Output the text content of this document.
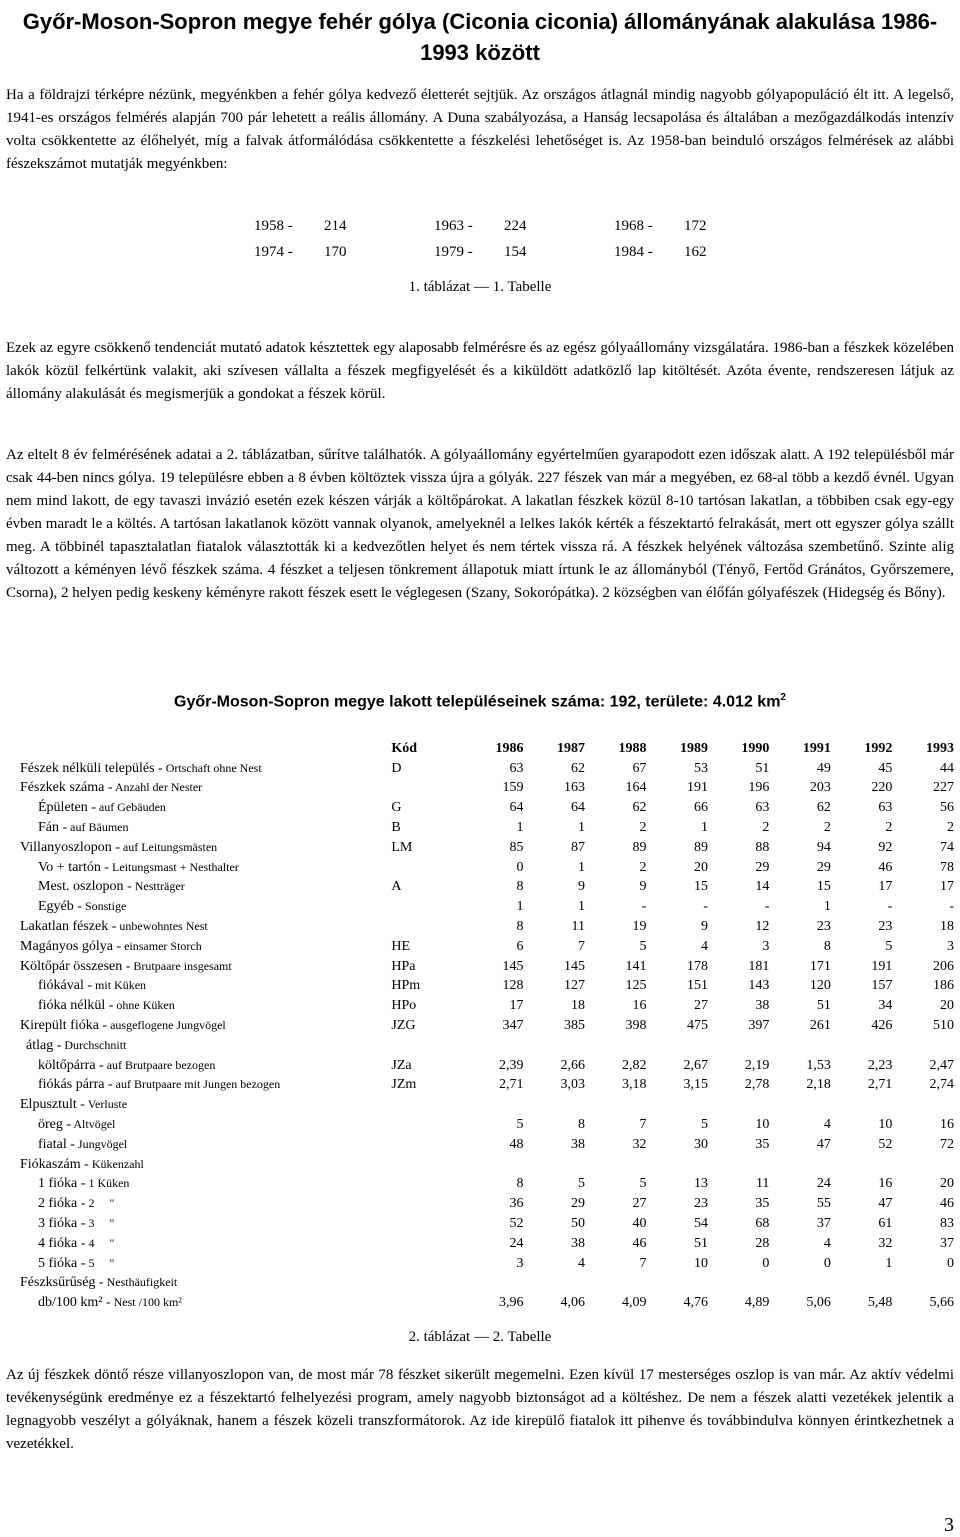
Győr-Moson-Sopron megye fehér gólya (Ciconia ciconia) állományának alakulása 1986-1993 között

Ha a földrajzi térképre nézünk, megyénkben a fehér gólya kedvező életterét sejtjük. Az országos átlagnál mindig nagyobb gólyapopuláció élt itt. A legelső, 1941-es országos felmérés alapján 700 pár lehetett a reális állomány. A Duna szabályozása, a Hanság lecsapolása és általában a mezőgazdálkodás intenzív volta csökkentette az élőhelyét, míg a falvak átformálódása csökkentette a fészkelési lehetőséget is. Az 1958-ban beinduló országos felmérések az alábbi fészekszámot mutatják megyénkben:

1958 - 214	1963 - 224	1968 - 172
1974 - 170	1979 - 154	1984 - 162
1. táblázat — 1. Tabelle

Ezek az egyre csökkenő tendenciát mutató adatok késztettek egy alaposabb felmérésre és az egész gólyaállomány vizsgálatára. 1986-ban a fészkek közelében lakók közül felkértünk valakit, aki szívesen vállalta a fészek megfigyelését és a kiküldött adatközlő lap kitöltését. Azóta évente, rendszeresen látjuk az állomány alakulását és megismerjük a gondokat a fészek körül.

Az eltelt 8 év felmérésének adatai a 2. táblázatban, sűrítve találhatók. A gólyaállomány egyértelműen gyarapodott ezen időszak alatt. A 192 településből már csak 44-ben nincs gólya. 19 településre ebben a 8 évben költöztek vissza újra a gólyák. 227 fészek van már a megyében, ez 68-al több a kezdő évnél. Ugyan nem mind lakott, de egy tavaszi invázió esetén ezek készen várják a költőpárokat. A lakatlan fészkek közül 8-10 tartósan lakatlan, a többiben csak egy-egy évben maradt le a költés. A tartósan lakatlanok között vannak olyanok, amelyeknél a lelkes lakók kérték a fészektartó felrakását, mert ott egyszer gólya szállt meg. A többinél tapasztalatlan fiatalok választották ki a kedvezőtlen helyet és nem tértek vissza rá. A fészkek helyének változása szembetűnő. Szinte alig változott a kéményen lévő fészkek száma. 4 fészket a teljesen tönkrement állapotuk miatt írtunk le az állományból (Tényő, Fertőd Gránátos, Győrszemere, Csorna), 2 helyen pedig keskeny kéményre rakott fészek esett le véglegesen (Szany, Sokorópátka). 2 községben van élőfán gólyafészek (Hidegség és Bőny).

Győr-Moson-Sopron megye lakott településeinek száma: 192, területe: 4.012 $km^2$
	Kód	1986	1987	1988	1989	1990	1991	1992	1993
Fészek nélküli település - Ortschaft ohne Nest	D	63	62	67	53	51	49	45	44
Fészkek száma - Anzahl der Nester		159	163	164	191	196	203	220	227
Épületen - auf Gebäuden	G	64	64	62	66	63	62	63	56
Fán - auf Bäumen	B	1	1	2	1	2	2	2	2
Villanyoszlopon - auf Leitungsmästen	LM	85	87	89	89	88	94	92	74
Vo + tartón - Leitungsmast + Nesthalter		0	1	2	20	29	29	46	78
Mest. oszlopon - Nestträger	A	8	9	9	15	14	15	17	17
Egyéb - Sonstige		1	1	-	-	-	1	-	-
Lakatlan fészek - unbewohntes Nest		8	11	19	9	12	23	23	18
Magányos gólya - einsamer Storch	HE	6	7	5	4	3	8	5	3
Költőpár összesen - Brutpaare insgesamt	HPa	145	145	141	178	181	171	191	206
fiókával - mit Küken	HPm	128	127	125	151	143	120	157	186
fióka nélkül - ohne Küken	HPo	17	18	16	27	38	51	34	20
Kirepült fióka - ausgeflogene Jungvögel	JZG	347	385	398	475	397	261	426	510
átlag - Durchschnitt									
költőpárra - auf Brutpaare bezogen	JZa	2,39	2,66	2,82	2,67	2,19	1,53	2,23	2,47
fiókás párra - auf Brutpaare mit Jungen bezogen	JZm	2,71	3,03	3,18	3,15	2,78	2,18	2,71	2,74
Elpusztult - Verluste									
öreg - Altvögel		5	8	7	5	10	4	10	16
fiatal - Jungvögel		48	38	32	30	35	47	52	72
Fiókaszám - Kükenzahl									
1 fióka - 1 Küken		8	5	5	13	11	24	16	20
2 fióka - 2     "		36	29	27	23	35	55	47	46
3 fióka - 3     "		52	50	40	54	68	37	61	83
4 fióka - 4     "		24	38	46	51	28	4	32	37
5 fióka - 5     "		3	4	7	10	0	0	1	0
Fészksűrűség - Nesthäufigkeit									
db/100 km² - Nest /100 km²		3,96	4,06	4,09	4,76	4,89	5,06	5,48	5,66
2. táblázat — 2. Tabelle

Az új fészkek döntő része villanyoszlopon van, de most már 78 fészket sikerült megemelni. Ezen kívül 17 mesterséges oszlop is van már. Az aktív védelmi tevékenységünk eredménye ez a fészektartó felhelyezési program, amely nagyobb biztonságot ad a költéshez. De nem a fészek alatti vezetékek jelentik a legnagyobb veszélyt a gólyáknak, hanem a fészek közeli transzformátorok. Az ide kirepülő fiatalok itt pihenve és továbbindulva könnyen érintkezhetnek a vezetékkel.

3
